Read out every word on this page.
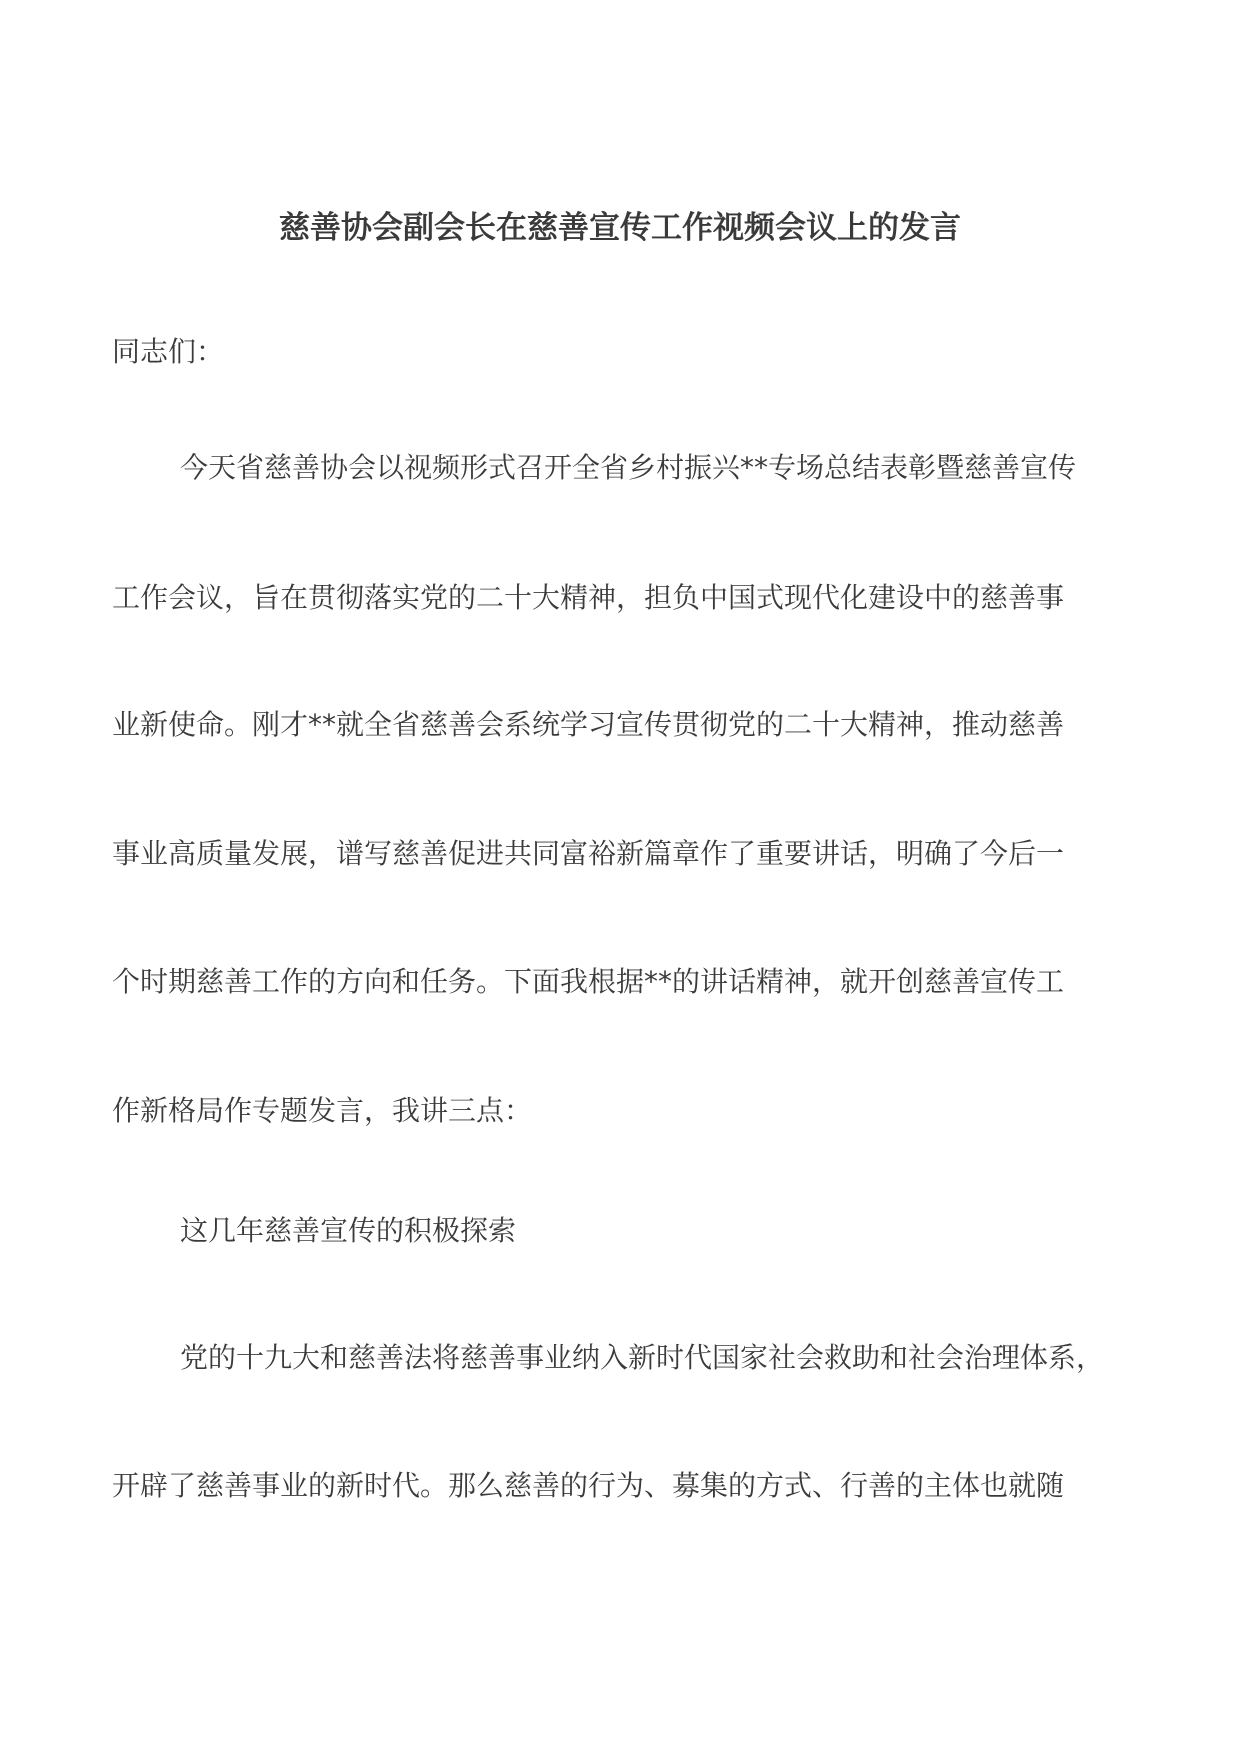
慈善协会副会长在慈善宣传工作视频会议上的发言
同志们：
今天省慈善协会以视频形式召开全省乡村振兴**专场总结表彰暨慈善宣传
工作会议，旨在贯彻落实党的二十大精神，担负中国式现代化建设中的慈善事
业新使命。刚才**就全省慈善会系统学习宣传贯彻党的二十大精神，推动慈善
事业高质量发展，谱写慈善促进共同富裕新篇章作了重要讲话，明确了今后一
个时期慈善工作的方向和任务。下面我根据**的讲话精神，就开创慈善宣传工
作新格局作专题发言，我讲三点：
这几年慈善宣传的积极探索
党的十九大和慈善法将慈善事业纳入新时代国家社会救助和社会治理体系，
开辟了慈善事业的新时代。那么慈善的行为、募集的方式、行善的主体也就随
